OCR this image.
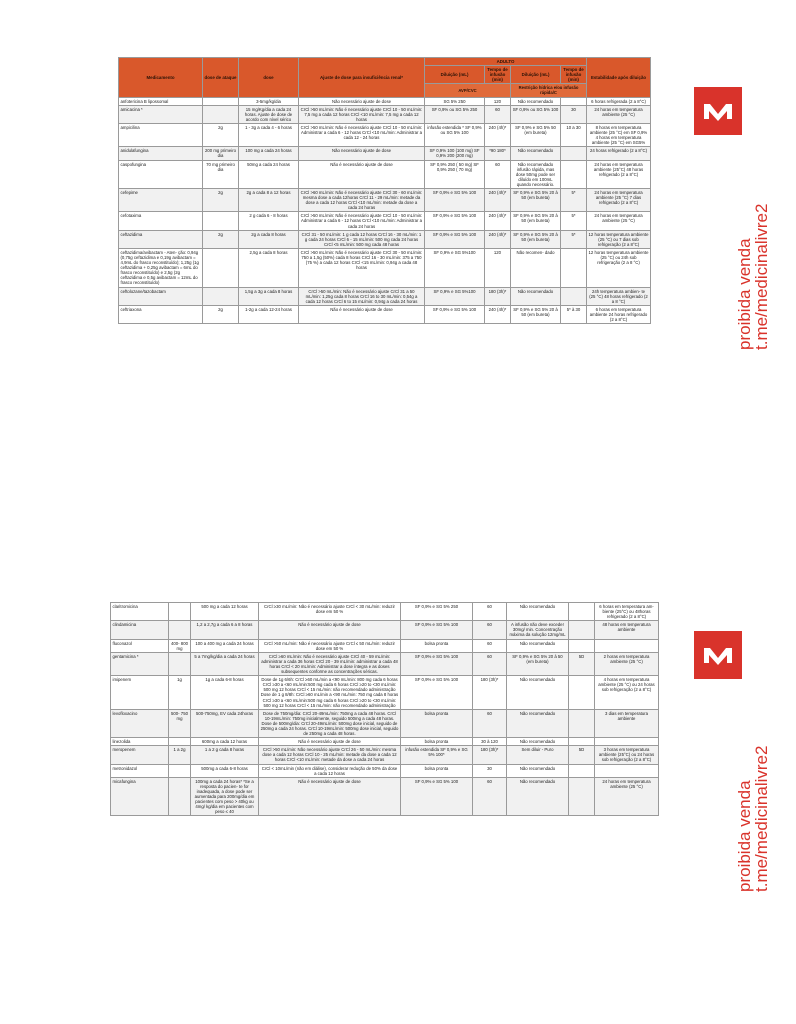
Medicamento	dose de ataque	dose	Ajuste de dose para insuficiência renal*	ADULTO				Estabilidade após diluição
				Diluição (mL)	Tempo de infusão (min)	Diluição (mL)	Tempo de infusão (min)	
				AVP/CVC		Restrição hídrica e/ou infusão rápida/C		
anfotericina B lipossomal		3-5mg/kg/dia	Não necessário ajuste de dose	SG 5% 250	120	Não recomendado		6 horas refrigerada (2 a 8°C)
amicacina *		15 mg/Kg/dia a cada 24 horas. Ajuste de dose de acordo com nível sérico	CrCl >50 mL/min: Não é necessário ajuste CrCl 10 - 50 mL/min: 7,5 mg a cada 12 horas CrCl <10 mL/min: 7,5 mg a cada 12 horas	SF 0,9% ou SG 5% 250	60	SF 0,9% ou SG 5% 100	30	24 horas em temperatura ambiente (25 °C)
ampicilina	2g	1 - 3g a cada 4 - 6 horas	CrCl >50 mL/min: Não é necessário ajuste CrCl 10 - 50 mL/min: Administrar a cada 6 - 12 horas CrCl <10 mL/min: Administrar a cada 12 - 24 horas	infusão estendida * SF 0,9% ou SG 5% 100	240 (4h)*	SF 0,9% e SG 5% 50 (em bureta)	10 a 30	8 horas em temperatura ambiente (25 °C) em SF 0,9% 4 horas em temperatura ambiente (25 °C) em SG5%
anidulafungina	200 mg primeiro dia	100 mg a cada 24 horas	Não necessário ajuste de dose	SF 0,9% 100 (100 mg) SF 0,9% 200 (200 mg)	*90 180*	Não recomendado		24 horas refrigerado (2 a 8°C)
caspofungina	70 mg primeiro dia	50mg a cada 24 horas	Não é necessário ajuste de dose	SF 0,9% 250 ( 50 mg) SF 0,9% 250 ( 70 mg)	60	Não recomendado infusão rápida, mas dose 50mg pode ser diluído em 100mL quando necessário.		24 horas em temperatura ambiente (25°C) 48 horas refrigerado (2 a 8°C)
cefepime	2g	2g a cada 8 a 12 horas	CrCl >60 mL/min: Não é necessário ajuste CrCl 30 - 60 mL/min: mesma dose a cada 12horas CrCl 11 - 29 mL/min: metade da dose a cada 12 horas CrCl <10 mL/min: metade da dose a cada 24 horas	SF 0,9% e SG 5% 100	240 (4h)*	SF 0,9% e SG 5% 20 à 50 (em bureta)	5*	24 horas em temperatura ambiente (25 °C) 7 dias refrigerado (2 a 8°C)
cefotaxima		2 g cada 6 - 8 horas	CrCl >50 mL/min: Não é necessário ajuste CrCl 10 - 50 mL/min: Administrar a cada 6 - 12 horas CrCl <10 mL/min: Administrar a cada 24 horas	SF 0,9% e SG 5% 100	240 (4h)*	SF 0,9% e SG 5% 20 à 50 (em bureta)	5*	24 horas em temperatura ambiente (25 °C)
ceftazidima	2g	2g a cada 8 horas	CrCl 31 - 50 mL/min: 1 g cada 12 horas CrCl 16 - 30 mL/min: 1 g cada 24 horas CrCl 6 - 15 mL/min: 500 mg cada 24 horas CrCl <5 mL/min: 500 mg cada 48 horas	SF 0,9% e SG 5% 100	240 (4h)*	SF 0,9% e SG 5% 20 à 50 (em bureta)	5*	12 horas temperatura ambiente (25 °C) ou 7 dias sob refrigeração (2 a 8°C)
ceftazidima/avibactam - Aten- ção: 0,94g (0,75g ceftazidima e 0,19g avibactam = 4,9mL do frasco reconstituído); 1,25g (1g ceftazidima + 0,25g avibactam = 6mL do frasco reconstituído) e 2,5g (2g ceftazidima e 0,5g avibactam = 12mL do frasco reconstituído)		2,5g a cada 8 horas	CrCl >50 mL/min: Não é necessário ajuste CrCl 30 - 50 mL/min: 750 a 1,5g (50%) cada 8 horas CrCl 16 - 30 mL/min: 375 a 750 (75 %) a cada 12 horas CrCl <15 mL/min: 0,94g a cada 48 horas	SF 0,9% e SG 5%100	120	Não recomen- dado		12 horas temperatura ambiente (25 °C) ou 24h sob refrigeração (2 a 8 °C)
ceftolozane/tazobactam		1,5g a 3g a cada 8 horas	CrCl >50 mL/min: Não é necessário ajuste CrCl 31 a 50 mL/min: 1,25g cada 8 horas CrCl 16 to 30 mL/min: 0,54g a cada 12 horas CrCl 6 to 15 mL/min: 0,94g a cada 24 horas	SF 0,9% e SG 5%100	180 (3h)*	Não recomendado		24h temperatura ambien- te (25 °C) 48 horas refrigerado (2 a 8 °C)
ceftriaxona	2g	1-2g a cada 12-24 horas	Não é necessário ajuste de dose	SF 0,9% e SG 5% 100	240 (4h)*	SF 0,9% e SG 5% 20 à 50 (em bureta)	5* à 30	6 horas em temperatura ambiente 24 horas refrigerado (2 a 8°C)
claritromicina		500 mg a cada 12 horas	CrCl ≥30 mL/min: Não é necessário ajuste CrCl < 30 mL/min: reduzir dose em 50 %	SF 0,9% e SG 5% 250	60	Não recomendado		6 horas em temperatura am- biente (25°C) ou 48horas refrigerado (2 a 8°C)
clindamicina		1,2 a 2,7g a cada 6 a 8 horas	Não é necessário ajuste de dose	SF 0,9% e SG 5% 100	60	A infusão não deve exceder 30mg/ min. Concentração máxima da solução 12mg/mL		48 horas em temperatura ambiente
fluconazol	400- 800 mg	100 a 400 mg a cada 24 horas	CrCl >50 mL/min: Não é necessário ajuste CrCl ≤ 50 mL/min: reduzir dose em 50 %	bolsa pronta	60	Não recomendado		
gentamicina *		5 a 7mg/kg/dia a cada 24 horas	CrCl ≥60 mL/min: Não é necessário ajuste CrCl 40 - 59 mL/min: administrar a cada 36 horas CrCl 20 - 39 mL/min: administrar a cada 48 horas CrCl < 20 mL/min: Administrar a dose íntegra e as doses subsequentes conforme as concentrações séricas.	SF 0,9% e SG 5% 100	60	SF 0,9% e SG 5% 20 à 50 (em bureta)	5D	2 horas em temperatura ambiente (25 °C)
imipenem	1g	1g a cada 6-8 horas	Dose de 1g 6/6h: CrCl ≥60 mL/min a <90 mL/min: 800 mg cada 6 horas CrCl ≥30 a <60 mL/min:500 mg cada 6 horas CrCl ≥20 to <30 mL/min: 500 mg 12 horas CrCl < 15 mL/min: não recomendado administração Dose de 1 g 8/8h: CrCl ≥60 mL/min a <90 mL/min: 750 mg cada 8 horas CrCl ≥30 a <60 mL/min:500 mg cada 6 horas CrCl ≥20 to <30 mL/min: 500 mg 12 horas CrCl < 15 mL/min: não recomendado administração	SF 0,9% e SG 5% 100	180 (3h)*	Não recomendado		4 horas em temperatura ambiente (25 °C) ou 24 horas sob refrigeração (2 a 8°C)
levofloxacino	500- 750 mg	500-750mg, EV cada 24horas	Dose de 750mg/dia: CrCl 20-49mL/min: 750mg a cada 48 horas. CrCl 10-19mL/min: 750mg inicialmente, seguido 500mg a cada 48 horas. Dose de 500mg/dia: CrCl 20-49mL/min: 500mg dose inicial, seguido de 250mg a cada 24 horas. CrCl 10-19mL/min: 500mg dose inicial, seguido de 250mg a cada 48 horas.	bolsa pronta	60	Não recomendado		3 dias em temperatura ambiente
linezolida		600mg a cada 12 horas	Não é necessário ajuste de dose	bolsa pronta	30 à 120	Não recomendado		
meropenem	1 a 2g	1 a 2 g cada 8 horas	CrCl >50 mL/min: Não necessário ajuste CrCl 26 - 50 mL/min: mesma dose a cada 12 horas CrCl 10 - 25 mL/min: metade da dose a cada 12 horas CrCl <10 mL/min: metade da dose a cada 24 horas	infusão estendida SF 0,9% e SG 5% 100*	180 (3h)*	Sem diluir - Puro	5D	3 horas em temperatura ambiente (25°C) ou 24 horas sob refrigeração (2 a 8°C)
metronidazol		500mg a cada 6-8 horas	CrCl < 10mL/min (não em diálise), considerar redução de 50% da dose a cada 12 horas	bolsa pronta	30	Não recomendado		
micafungina		100mg a cada 24 horas* *Se a resposta do pacien- te for inadequada, a dose pode ser aumentada para 200mg/dia em pacientes com peso > 40kg ou 4mg/ kg/dia em pacientes com peso ≤ 40	Não é necessário ajuste de dose	SF 0,9% e SG 5% 100	60	Não recomendado		24 horas em temperatura ambiente (25 °C)
proibida venda
t.me/medicinalivre2
proibida venda
t.me/medicinalivre2
